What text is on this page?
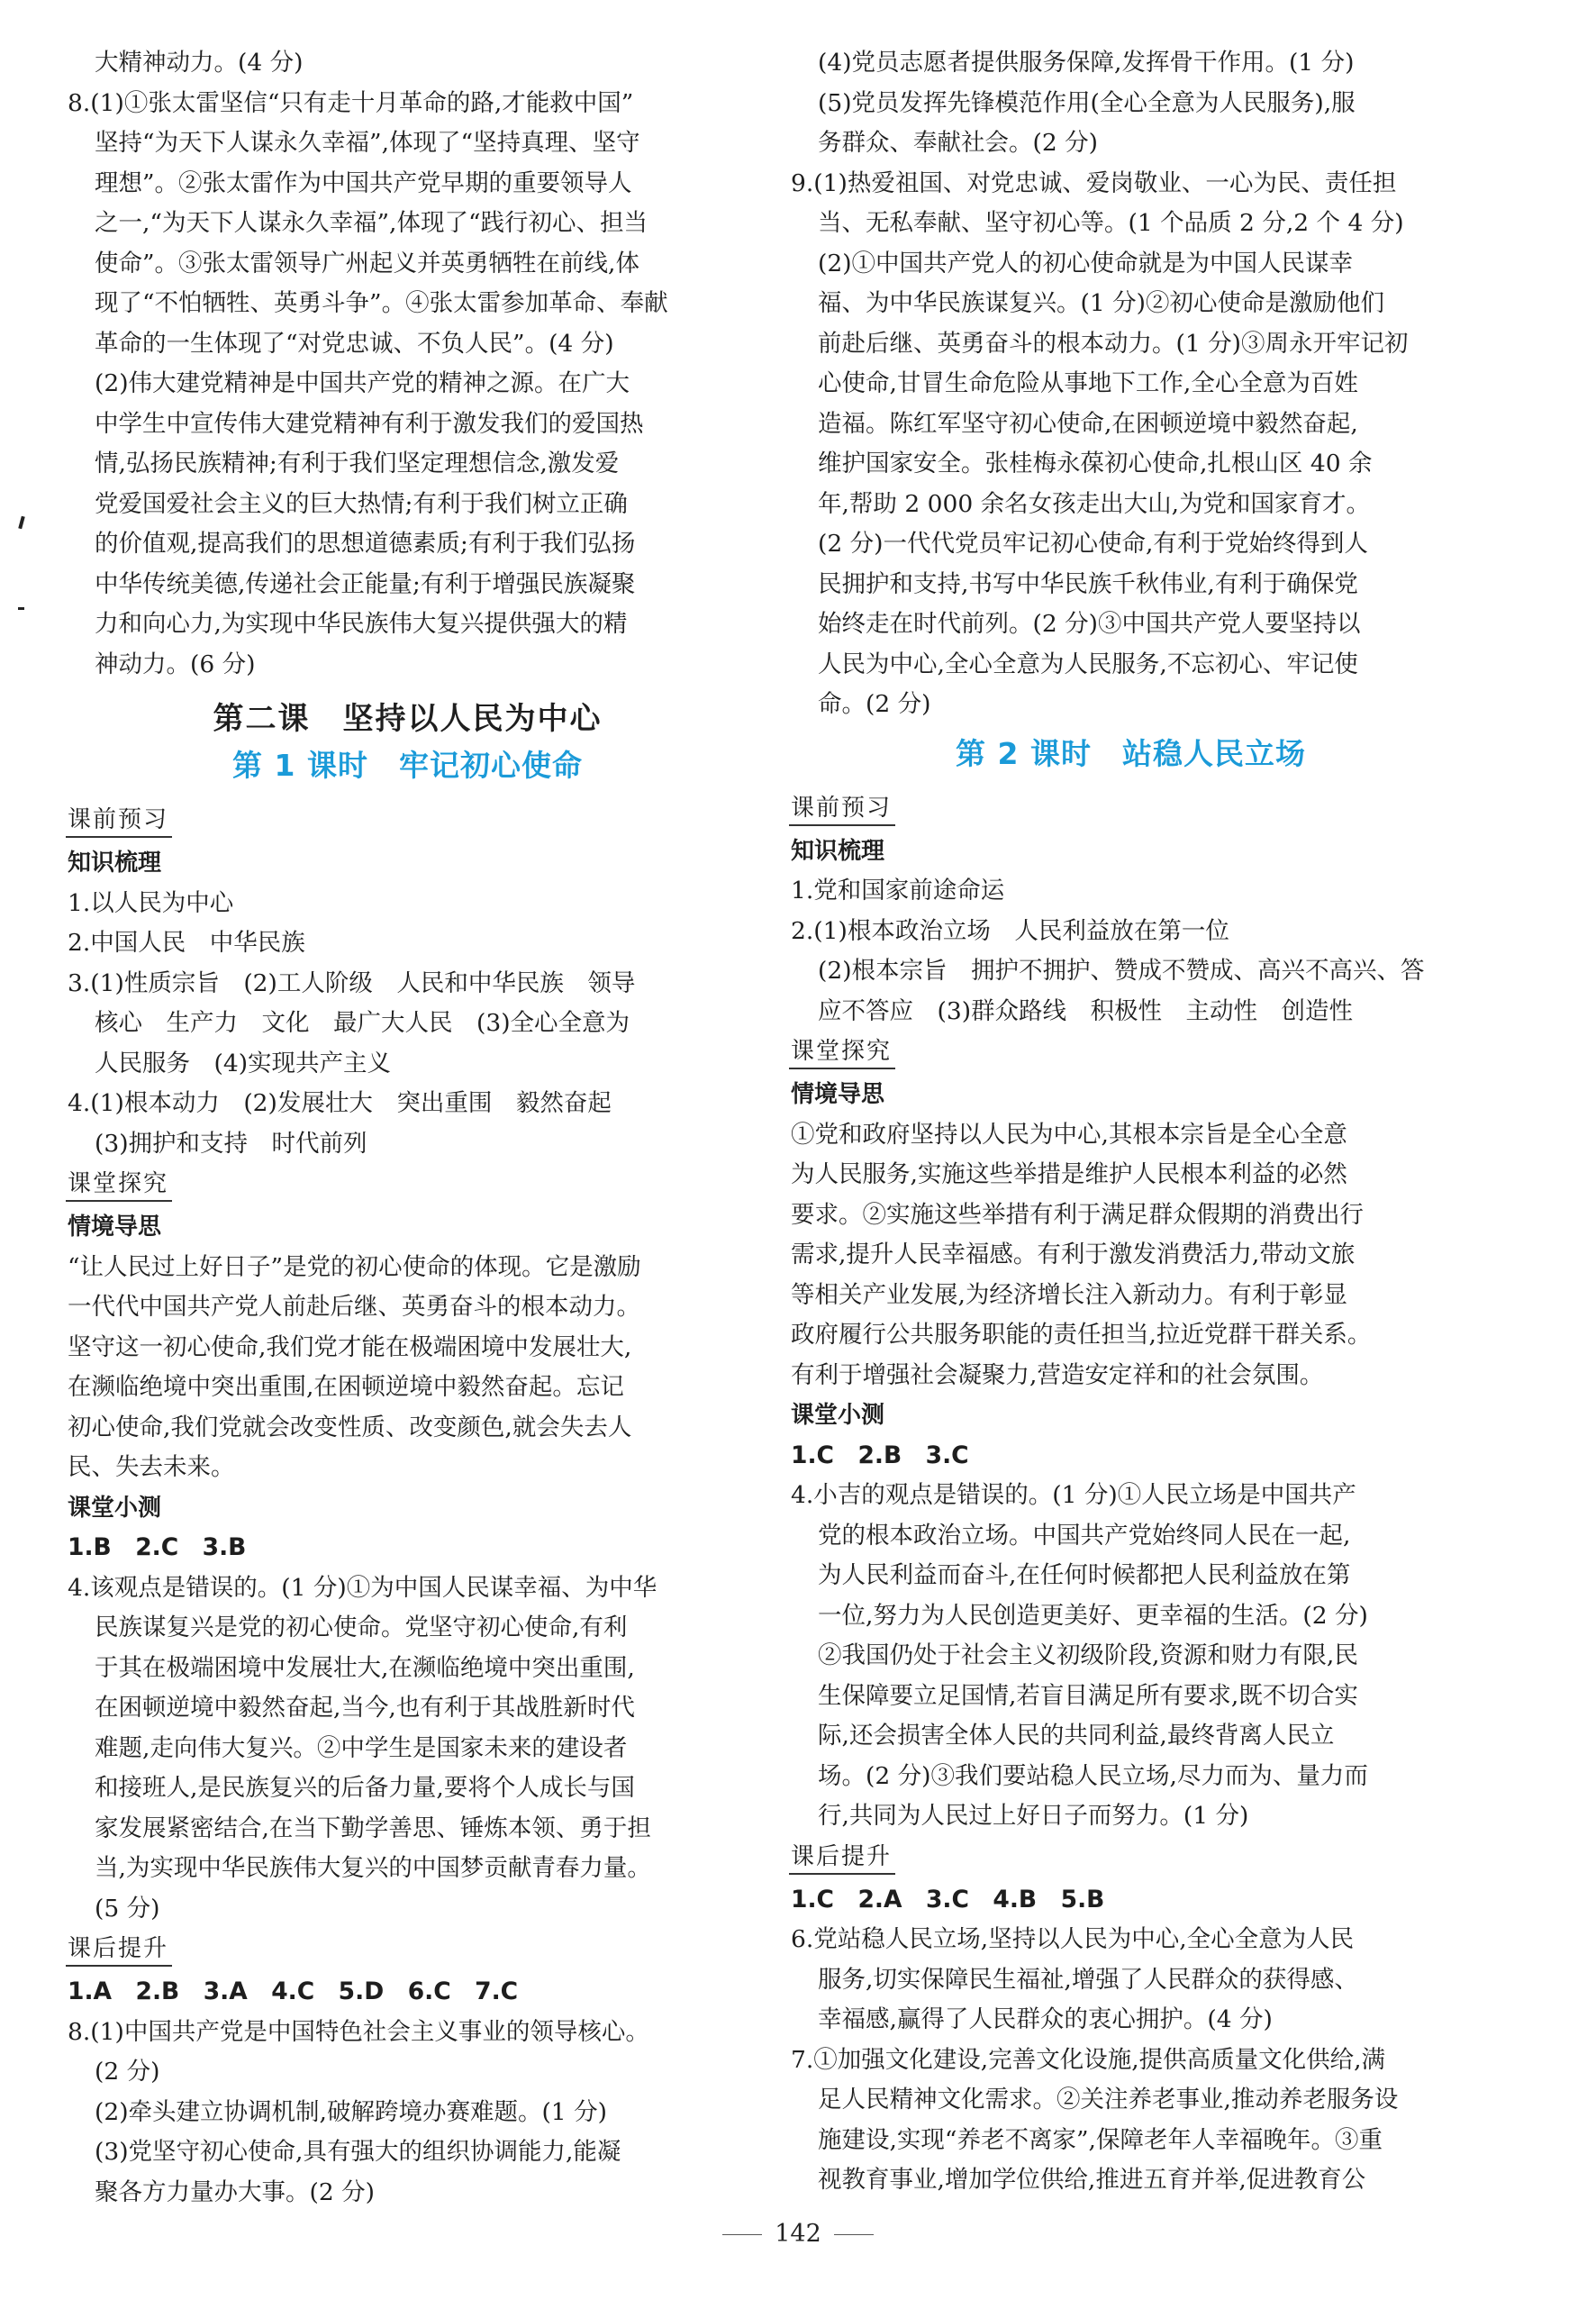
大精神动力。(4 分)

8.(1)①张太雷坚信“只有走十月革命的路,才能救中国”

坚持“为天下人谋永久幸福”,体现了“坚持真理、坚守

理想”。②张太雷作为中国共产党早期的重要领导人

之一,“为天下人谋永久幸福”,体现了“践行初心、担当

使命”。③张太雷领导广州起义并英勇牺牲在前线,体

现了“不怕牺牲、英勇斗争”。④张太雷参加革命、奉献

革命的一生体现了“对党忠诚、不负人民”。(4 分)

(2)伟大建党精神是中国共产党的精神之源。在广大

中学生中宣传伟大建党精神有利于激发我们的爱国热

情,弘扬民族精神;有利于我们坚定理想信念,激发爱

党爱国爱社会主义的巨大热情;有利于我们树立正确

的价值观,提高我们的思想道德素质;有利于我们弘扬

中华传统美德,传递社会正能量;有利于增强民族凝聚

力和向心力,为实现中华民族伟大复兴提供强大的精

神动力。(6 分)

第二课　坚持以人民为中心
第 1 课时　牢记初心使命
课前预习

知识梳理

1.以人民为中心

2.中国人民　中华民族

3.(1)性质宗旨　(2)工人阶级　人民和中华民族　领导

核心　生产力　文化　最广大人民　(3)全心全意为

人民服务　(4)实现共产主义

4.(1)根本动力　(2)发展壮大　突出重围　毅然奋起

(3)拥护和支持　时代前列

课堂探究

情境导思

“让人民过上好日子”是党的初心使命的体现。它是激励

一代代中国共产党人前赴后继、英勇奋斗的根本动力。

坚守这一初心使命,我们党才能在极端困境中发展壮大,

在濒临绝境中突出重围,在困顿逆境中毅然奋起。忘记

初心使命,我们党就会改变性质、改变颜色,就会失去人

民、失去未来。

课堂小测

1.B　2.C　3.B

4.该观点是错误的。(1 分)①为中国人民谋幸福、为中华

民族谋复兴是党的初心使命。党坚守初心使命,有利

于其在极端困境中发展壮大,在濒临绝境中突出重围,

在困顿逆境中毅然奋起,当今,也有利于其战胜新时代

难题,走向伟大复兴。②中学生是国家未来的建设者

和接班人,是民族复兴的后备力量,要将个人成长与国

家发展紧密结合,在当下勤学善思、锤炼本领、勇于担

当,为实现中华民族伟大复兴的中国梦贡献青春力量。

(5 分)

课后提升

1.A　2.B　3.A　4.C　5.D　6.C　7.C

8.(1)中国共产党是中国特色社会主义事业的领导核心。

(2 分)

(2)牵头建立协调机制,破解跨境办赛难题。(1 分)

(3)党坚守初心使命,具有强大的组织协调能力,能凝

聚各方力量办大事。(2 分)

(4)党员志愿者提供服务保障,发挥骨干作用。(1 分)

(5)党员发挥先锋模范作用(全心全意为人民服务),服

务群众、奉献社会。(2 分)

9.(1)热爱祖国、对党忠诚、爱岗敬业、一心为民、责任担

当、无私奉献、坚守初心等。(1 个品质 2 分,2 个 4 分)

(2)①中国共产党人的初心使命就是为中国人民谋幸

福、为中华民族谋复兴。(1 分)②初心使命是激励他们

前赴后继、英勇奋斗的根本动力。(1 分)③周永开牢记初

心使命,甘冒生命危险从事地下工作,全心全意为百姓

造福。陈红军坚守初心使命,在困顿逆境中毅然奋起,

维护国家安全。张桂梅永葆初心使命,扎根山区 40 余

年,帮助 2 000 余名女孩走出大山,为党和国家育才。

(2 分)一代代党员牢记初心使命,有利于党始终得到人

民拥护和支持,书写中华民族千秋伟业,有利于确保党

始终走在时代前列。(2 分)③中国共产党人要坚持以

人民为中心,全心全意为人民服务,不忘初心、牢记使

命。(2 分)

第 2 课时　站稳人民立场
课前预习

知识梳理

1.党和国家前途命运

2.(1)根本政治立场　人民利益放在第一位

(2)根本宗旨　拥护不拥护、赞成不赞成、高兴不高兴、答

应不答应　(3)群众路线　积极性　主动性　创造性

课堂探究

情境导思

①党和政府坚持以人民为中心,其根本宗旨是全心全意

为人民服务,实施这些举措是维护人民根本利益的必然

要求。②实施这些举措有利于满足群众假期的消费出行

需求,提升人民幸福感。有利于激发消费活力,带动文旅

等相关产业发展,为经济增长注入新动力。有利于彰显

政府履行公共服务职能的责任担当,拉近党群干群关系。

有利于增强社会凝聚力,营造安定祥和的社会氛围。

课堂小测

1.C　2.B　3.C

4.小吉的观点是错误的。(1 分)①人民立场是中国共产

党的根本政治立场。中国共产党始终同人民在一起,

为人民利益而奋斗,在任何时候都把人民利益放在第

一位,努力为人民创造更美好、更幸福的生活。(2 分)

②我国仍处于社会主义初级阶段,资源和财力有限,民

生保障要立足国情,若盲目满足所有要求,既不切合实

际,还会损害全体人民的共同利益,最终背离人民立

场。(2 分)③我们要站稳人民立场,尽力而为、量力而

行,共同为人民过上好日子而努力。(1 分)

课后提升

1.C　2.A　3.C　4.B　5.B

6.党站稳人民立场,坚持以人民为中心,全心全意为人民

服务,切实保障民生福祉,增强了人民群众的获得感、

幸福感,赢得了人民群众的衷心拥护。(4 分)

7.①加强文化建设,完善文化设施,提供高质量文化供给,满

足人民精神文化需求。②关注养老事业,推动养老服务设

施建设,实现“养老不离家”,保障老年人幸福晚年。③重

视教育事业,增加学位供给,推进五育并举,促进教育公

142
